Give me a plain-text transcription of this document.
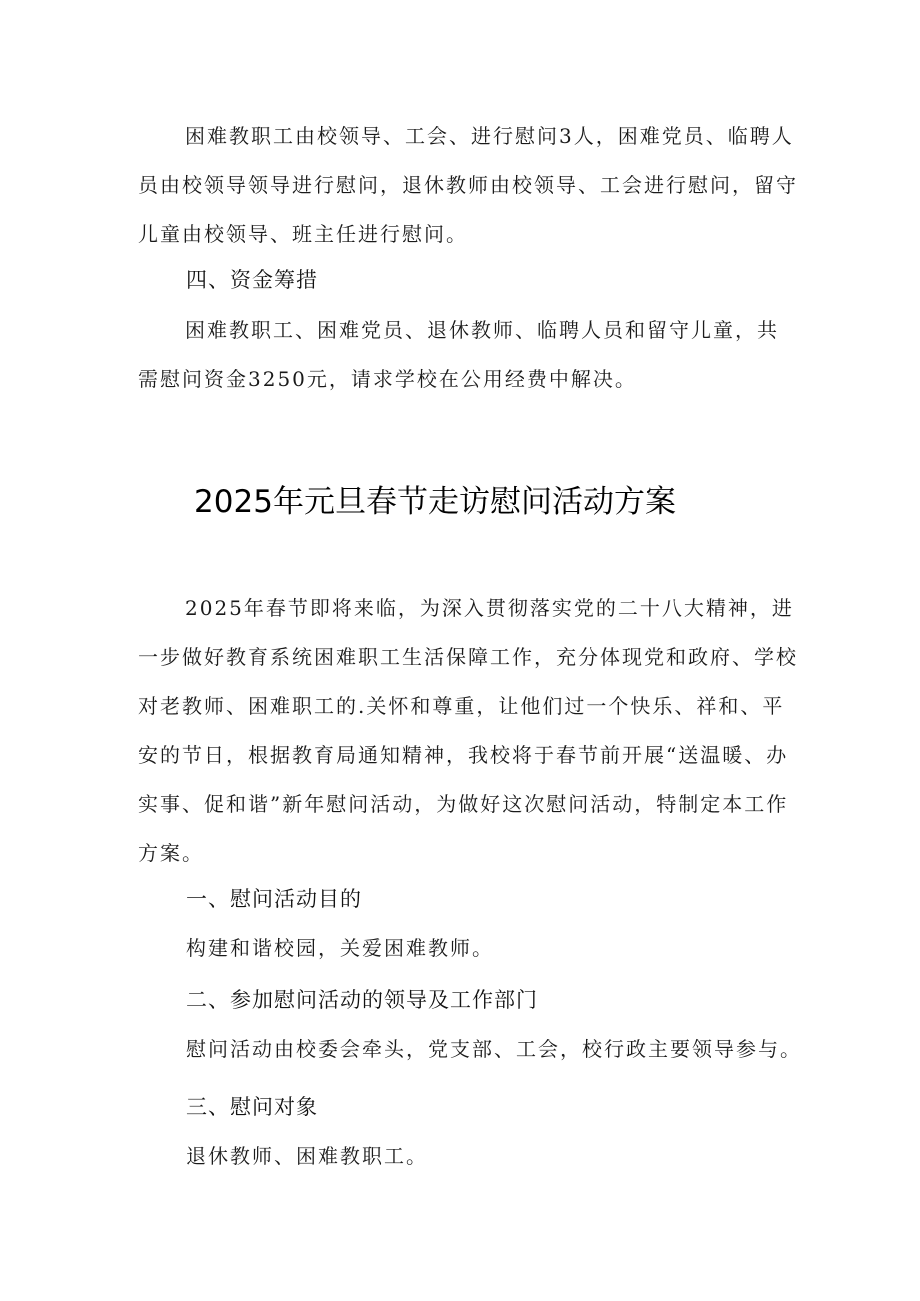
困难教职工由校领导、工会、进行慰问3人，困难党员、临聘人员由校领导领导进行慰问，退休教师由校领导、工会进行慰问，留守儿童由校领导、班主任进行慰问。

四、资金筹措

困难教职工、困难党员、退休教师、临聘人员和留守儿童，共需慰问资金3250元，请求学校在公用经费中解决。

2025年元旦春节走访慰问活动方案

2025年春节即将来临，为深入贯彻落实党的二十八大精神，进一步做好教育系统困难职工生活保障工作，充分体现党和政府、学校对老教师、困难职工的.关怀和尊重，让他们过一个快乐、祥和、平安的节日，根据教育局通知精神，我校将于春节前开展“送温暖、办实事、促和谐”新年慰问活动，为做好这次慰问活动，特制定本工作方案。

一、慰问活动目的

构建和谐校园，关爱困难教师。

二、参加慰问活动的领导及工作部门

慰问活动由校委会牵头，党支部、工会，校行政主要领导参与。

三、慰问对象

退休教师、困难教职工。
